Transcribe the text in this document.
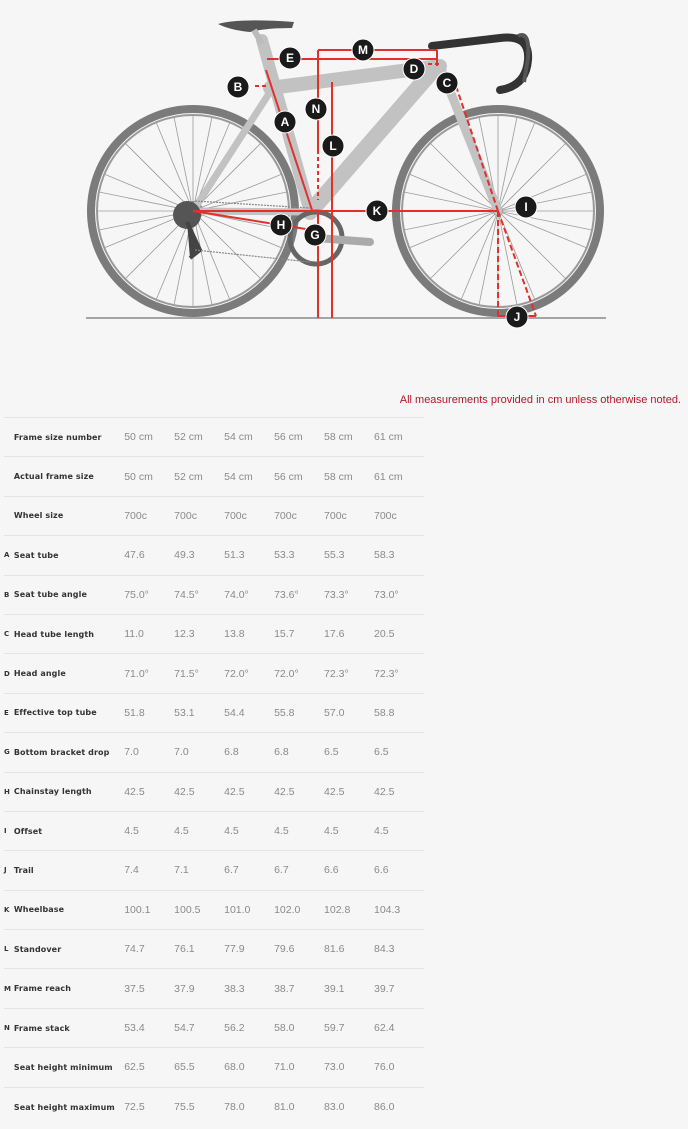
A
B	C
D
E
G
H
I
J
K
L
M
N
All measurements provided in cm unless otherwise noted.
	Frame size number	50 cm	52 cm	54 cm	56 cm	58 cm	61 cm
	Actual frame size	50 cm	52 cm	54 cm	56 cm	58 cm	61 cm
	Wheel size	700c	700c	700c	700c	700c	700c
A	Seat tube	47.6	49.3	51.3	53.3	55.3	58.3
B	Seat tube angle	75.0°	74.5°	74.0°	73.6°	73.3°	73.0°
C	Head tube length	11.0	12.3	13.8	15.7	17.6	20.5
D	Head angle	71.0°	71.5°	72.0°	72.0°	72.3°	72.3°
E	Effective top tube	51.8	53.1	54.4	55.8	57.0	58.8
G	Bottom bracket drop	7.0	7.0	6.8	6.8	6.5	6.5
H	Chainstay length	42.5	42.5	42.5	42.5	42.5	42.5
I	Offset	4.5	4.5	4.5	4.5	4.5	4.5
J	Trail	7.4	7.1	6.7	6.7	6.6	6.6
K	Wheelbase	100.1	100.5	101.0	102.0	102.8	104.3
L	Standover	74.7	76.1	77.9	79.6	81.6	84.3
M	Frame reach	37.5	37.9	38.3	38.7	39.1	39.7
N	Frame stack	53.4	54.7	56.2	58.0	59.7	62.4
	Seat height minimum	62.5	65.5	68.0	71.0	73.0	76.0
	Seat height maximum	72.5	75.5	78.0	81.0	83.0	86.0
